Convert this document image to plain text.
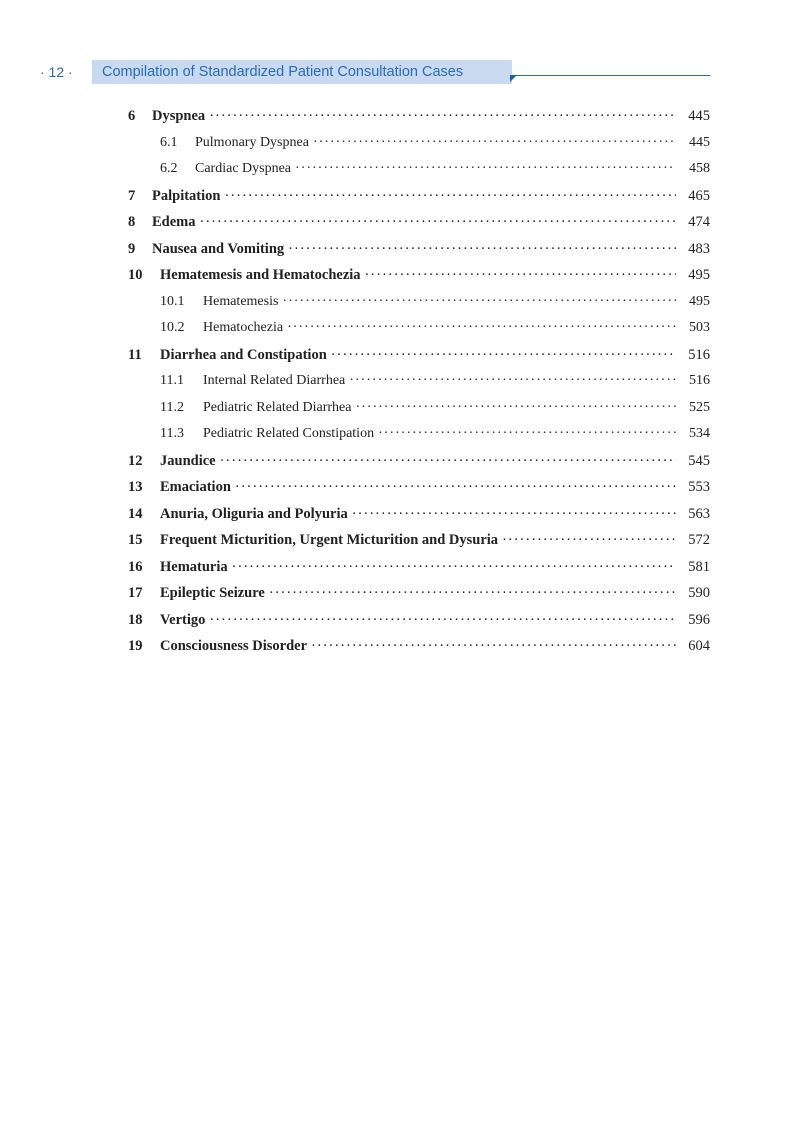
· 12 ·	Compilation of Standardized Patient Consultation Cases
6	Dyspnea ·····	445
6.1	Pulmonary Dyspnea ·····	445
6.2	Cardiac Dyspnea ·····	458
7	Palpitation ·····	465
8	Edema ·····	474
9	Nausea and Vomiting ·····	483
10	Hematemesis and Hematochezia ·····	495
10.1	Hematemesis ·····	495
10.2	Hematochezia ·····	503
11	Diarrhea and Constipation ·····	516
11.1	Internal Related Diarrhea ·····	516
11.2	Pediatric Related Diarrhea ·····	525
11.3	Pediatric Related Constipation ·····	534
12	Jaundice ·····	545
13	Emaciation ·····	553
14	Anuria, Oliguria and Polyuria ·····	563
15	Frequent Micturition, Urgent Micturition and Dysuria ·····	572
16	Hematuria ·····	581
17	Epileptic Seizure ·····	590
18	Vertigo ·····	596
19	Consciousness Disorder ·····	604
